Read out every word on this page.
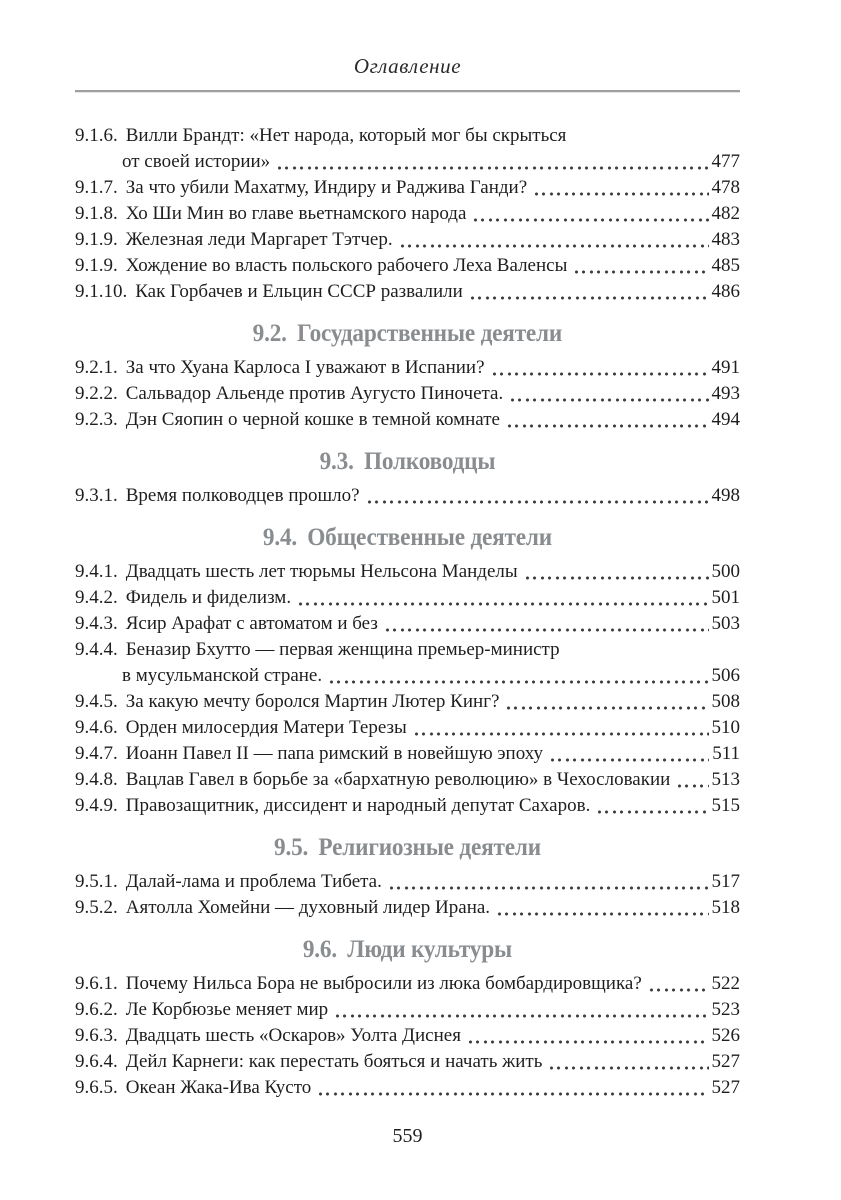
Оглавление
9.1.6. Вилли Брандт: «Нет народа, который мог бы скрыться
от своей истории»	477
9.1.7. За что убили Махатму, Индиру и Раджива Ганди?	478
9.1.8. Хо Ши Мин во главе вьетнамского народа	482
9.1.9. Железная леди Маргарет Тэтчер.	483
9.1.9. Хождение во власть польского рабочего Леха Валенсы	485
9.1.10. Как Горбачев и Ельцин СССР развалили	486
9.2. Государственные деятели
9.2.1. За что Хуана Карлоса I уважают в Испании?	491
9.2.2. Сальвадор Альенде против Аугусто Пиночета.	493
9.2.3. Дэн Сяопин о черной кошке в темной комнате	494
9.3. Полководцы
9.3.1. Время полководцев прошло?	498
9.4. Общественные деятели
9.4.1. Двадцать шесть лет тюрьмы Нельсона Манделы	500
9.4.2. Фидель и фиделизм.	501
9.4.3. Ясир Арафат с автоматом и без	503
9.4.4. Беназир Бхутто — первая женщина премьер-министр
в мусульманской стране.	506
9.4.5. За какую мечту боролся Мартин Лютер Кинг?	508
9.4.6. Орден милосердия Матери Терезы	510
9.4.7. Иоанн Павел II — папа римский в новейшую эпоху	511
9.4.8. Вацлав Гавел в борьбе за «бархатную революцию» в Чехословакии 513
9.4.9. Правозащитник, диссидент и народный депутат Сахаров.	515
9.5. Религиозные деятели
9.5.1. Далай-лама и проблема Тибета.	517
9.5.2. Аятолла Хомейни — духовный лидер Ирана.	518
9.6. Люди культуры
9.6.1. Почему Нильса Бора не выбросили из люка бомбардировщика?	522
9.6.2. Ле Корбюзье меняет мир	523
9.6.3. Двадцать шесть «Оскаров» Уолта Диснея	526
9.6.4. Дейл Карнеги: как перестать бояться и начать жить	527
9.6.5. Океан Жака-Ива Кусто	527
559
